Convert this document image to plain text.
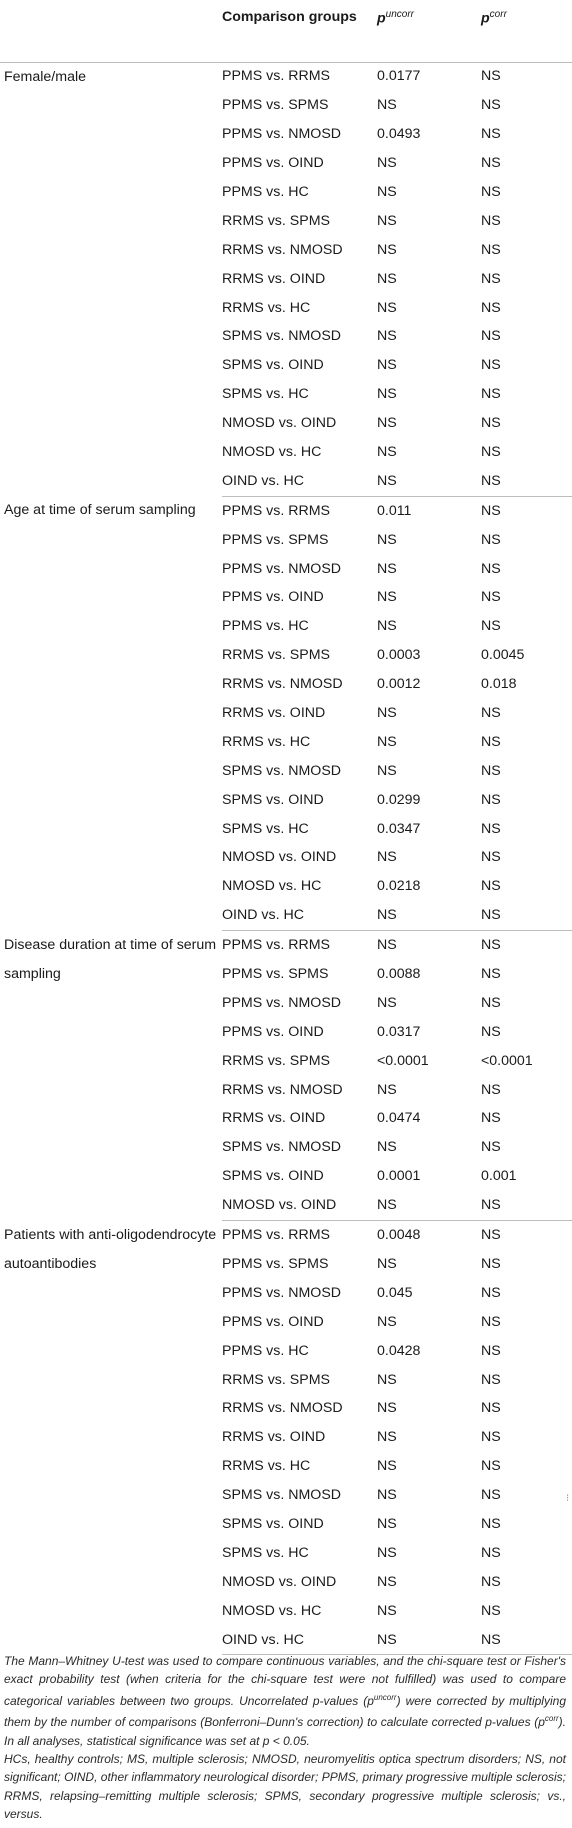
	Comparison groups	$p^{uncorr}$	$p^{corr}$

Female/male	PPMS vs. RRMS	0.0177	NS
	PPMS vs. SPMS	NS	NS
	PPMS vs. NMOSD	0.0493	NS
	PPMS vs. OIND	NS	NS
	PPMS vs. HC	NS	NS
	RRMS vs. SPMS	NS	NS
	RRMS vs. NMOSD	NS	NS
	RRMS vs. OIND	NS	NS
	RRMS vs. HC	NS	NS
	SPMS vs. NMOSD	NS	NS
	SPMS vs. OIND	NS	NS
	SPMS vs. HC	NS	NS
	NMOSD vs. OIND	NS	NS
	NMOSD vs. HC	NS	NS
	OIND vs. HC	NS	NS

Age at time of serum sampling	PPMS vs. RRMS	0.011	NS
	PPMS vs. SPMS	NS	NS
	PPMS vs. NMOSD	NS	NS
	PPMS vs. OIND	NS	NS
	PPMS vs. HC	NS	NS
	RRMS vs. SPMS	0.0003	0.0045
	RRMS vs. NMOSD	0.0012	0.018
	RRMS vs. OIND	NS	NS
	RRMS vs. HC	NS	NS
	SPMS vs. NMOSD	NS	NS
	SPMS vs. OIND	0.0299	NS
	SPMS vs. HC	0.0347	NS
	NMOSD vs. OIND	NS	NS
	NMOSD vs. HC	0.0218	NS
	OIND vs. HC	NS	NS

Disease duration at time of serum sampling	PPMS vs. RRMS	NS	NS
	PPMS vs. SPMS	0.0088	NS
	PPMS vs. NMOSD	NS	NS
	PPMS vs. OIND	0.0317	NS
	RRMS vs. SPMS	<0.0001	<0.0001
	RRMS vs. NMOSD	NS	NS
	RRMS vs. OIND	0.0474	NS
	SPMS vs. NMOSD	NS	NS
	SPMS vs. OIND	0.0001	0.001
	NMOSD vs. OIND	NS	NS

Patients with anti-oligodendrocyte autoantibodies	PPMS vs. RRMS	0.0048	NS
	PPMS vs. SPMS	NS	NS
	PPMS vs. NMOSD	0.045	NS
	PPMS vs. OIND	NS	NS
	PPMS vs. HC	0.0428	NS
	RRMS vs. SPMS	NS	NS
	RRMS vs. NMOSD	NS	NS
	RRMS vs. OIND	NS	NS
	RRMS vs. HC	NS	NS
	SPMS vs. NMOSD	NS	NS
	SPMS vs. OIND	NS	NS
	SPMS vs. HC	NS	NS
	NMOSD vs. OIND	NS	NS
	NMOSD vs. HC	NS	NS
	OIND vs. HC	NS	NS

The Mann–Whitney U-test was used to compare continuous variables, and the chi-square test or Fisher's exact probability test (when criteria for the chi-square test were not fulfilled) was used to compare categorical variables between two groups. Uncorrelated p-values $(p^{uncorr})$ were corrected by multiplying them by the number of comparisons (Bonferroni–Dunn's correction) to calculate corrected p-values $(p^{corr})$. In all analyses, statistical significance was set at p < 0.05.

HCs, healthy controls; MS, multiple sclerosis; NMOSD, neuromyelitis optica spectrum disorders; NS, not significant; OIND, other inflammatory neurological disorder; PPMS, primary progressive multiple sclerosis; RRMS, relapsing–remitting multiple sclerosis; SPMS, secondary progressive multiple sclerosis; vs., versus.

⁝
